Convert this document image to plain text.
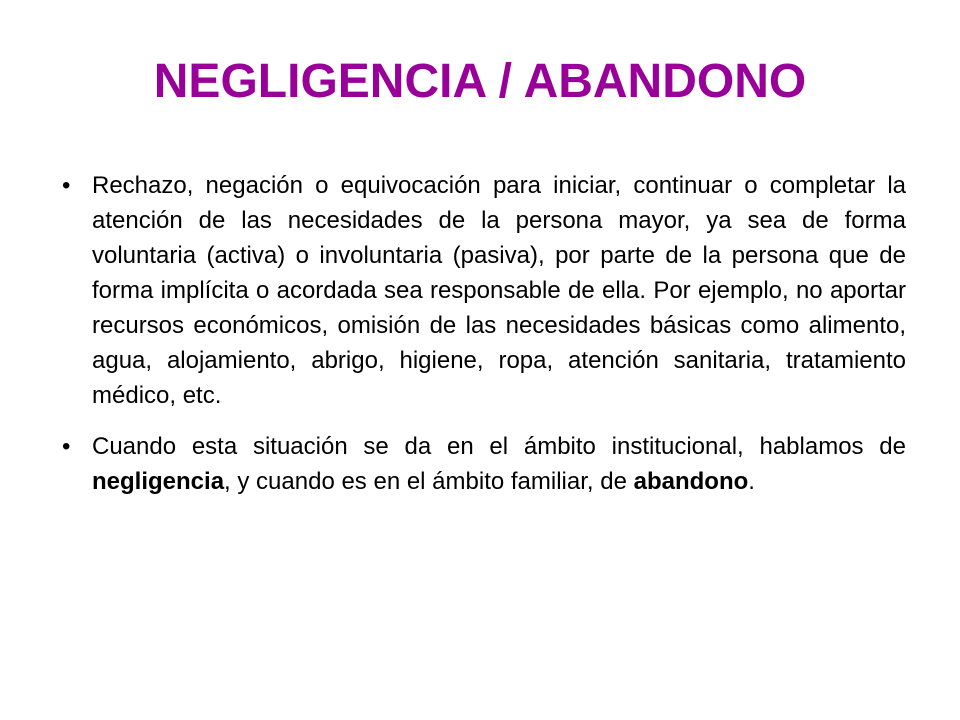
NEGLIGENCIA / ABANDONO
• Rechazo, negación o equivocación para iniciar, continuar o completar la atención de las necesidades de la persona mayor, ya sea de forma voluntaria (activa) o involuntaria (pasiva), por parte de la persona que de forma implícita o acordada sea responsable de ella. Por ejemplo, no aportar recursos económicos, omisión de las necesidades básicas como alimento, agua, alojamiento, abrigo, higiene, ropa, atención sanitaria, tratamiento médico, etc.
• Cuando esta situación se da en el ámbito institucional, hablamos de negligencia, y cuando es en el ámbito familiar, de abandono.
